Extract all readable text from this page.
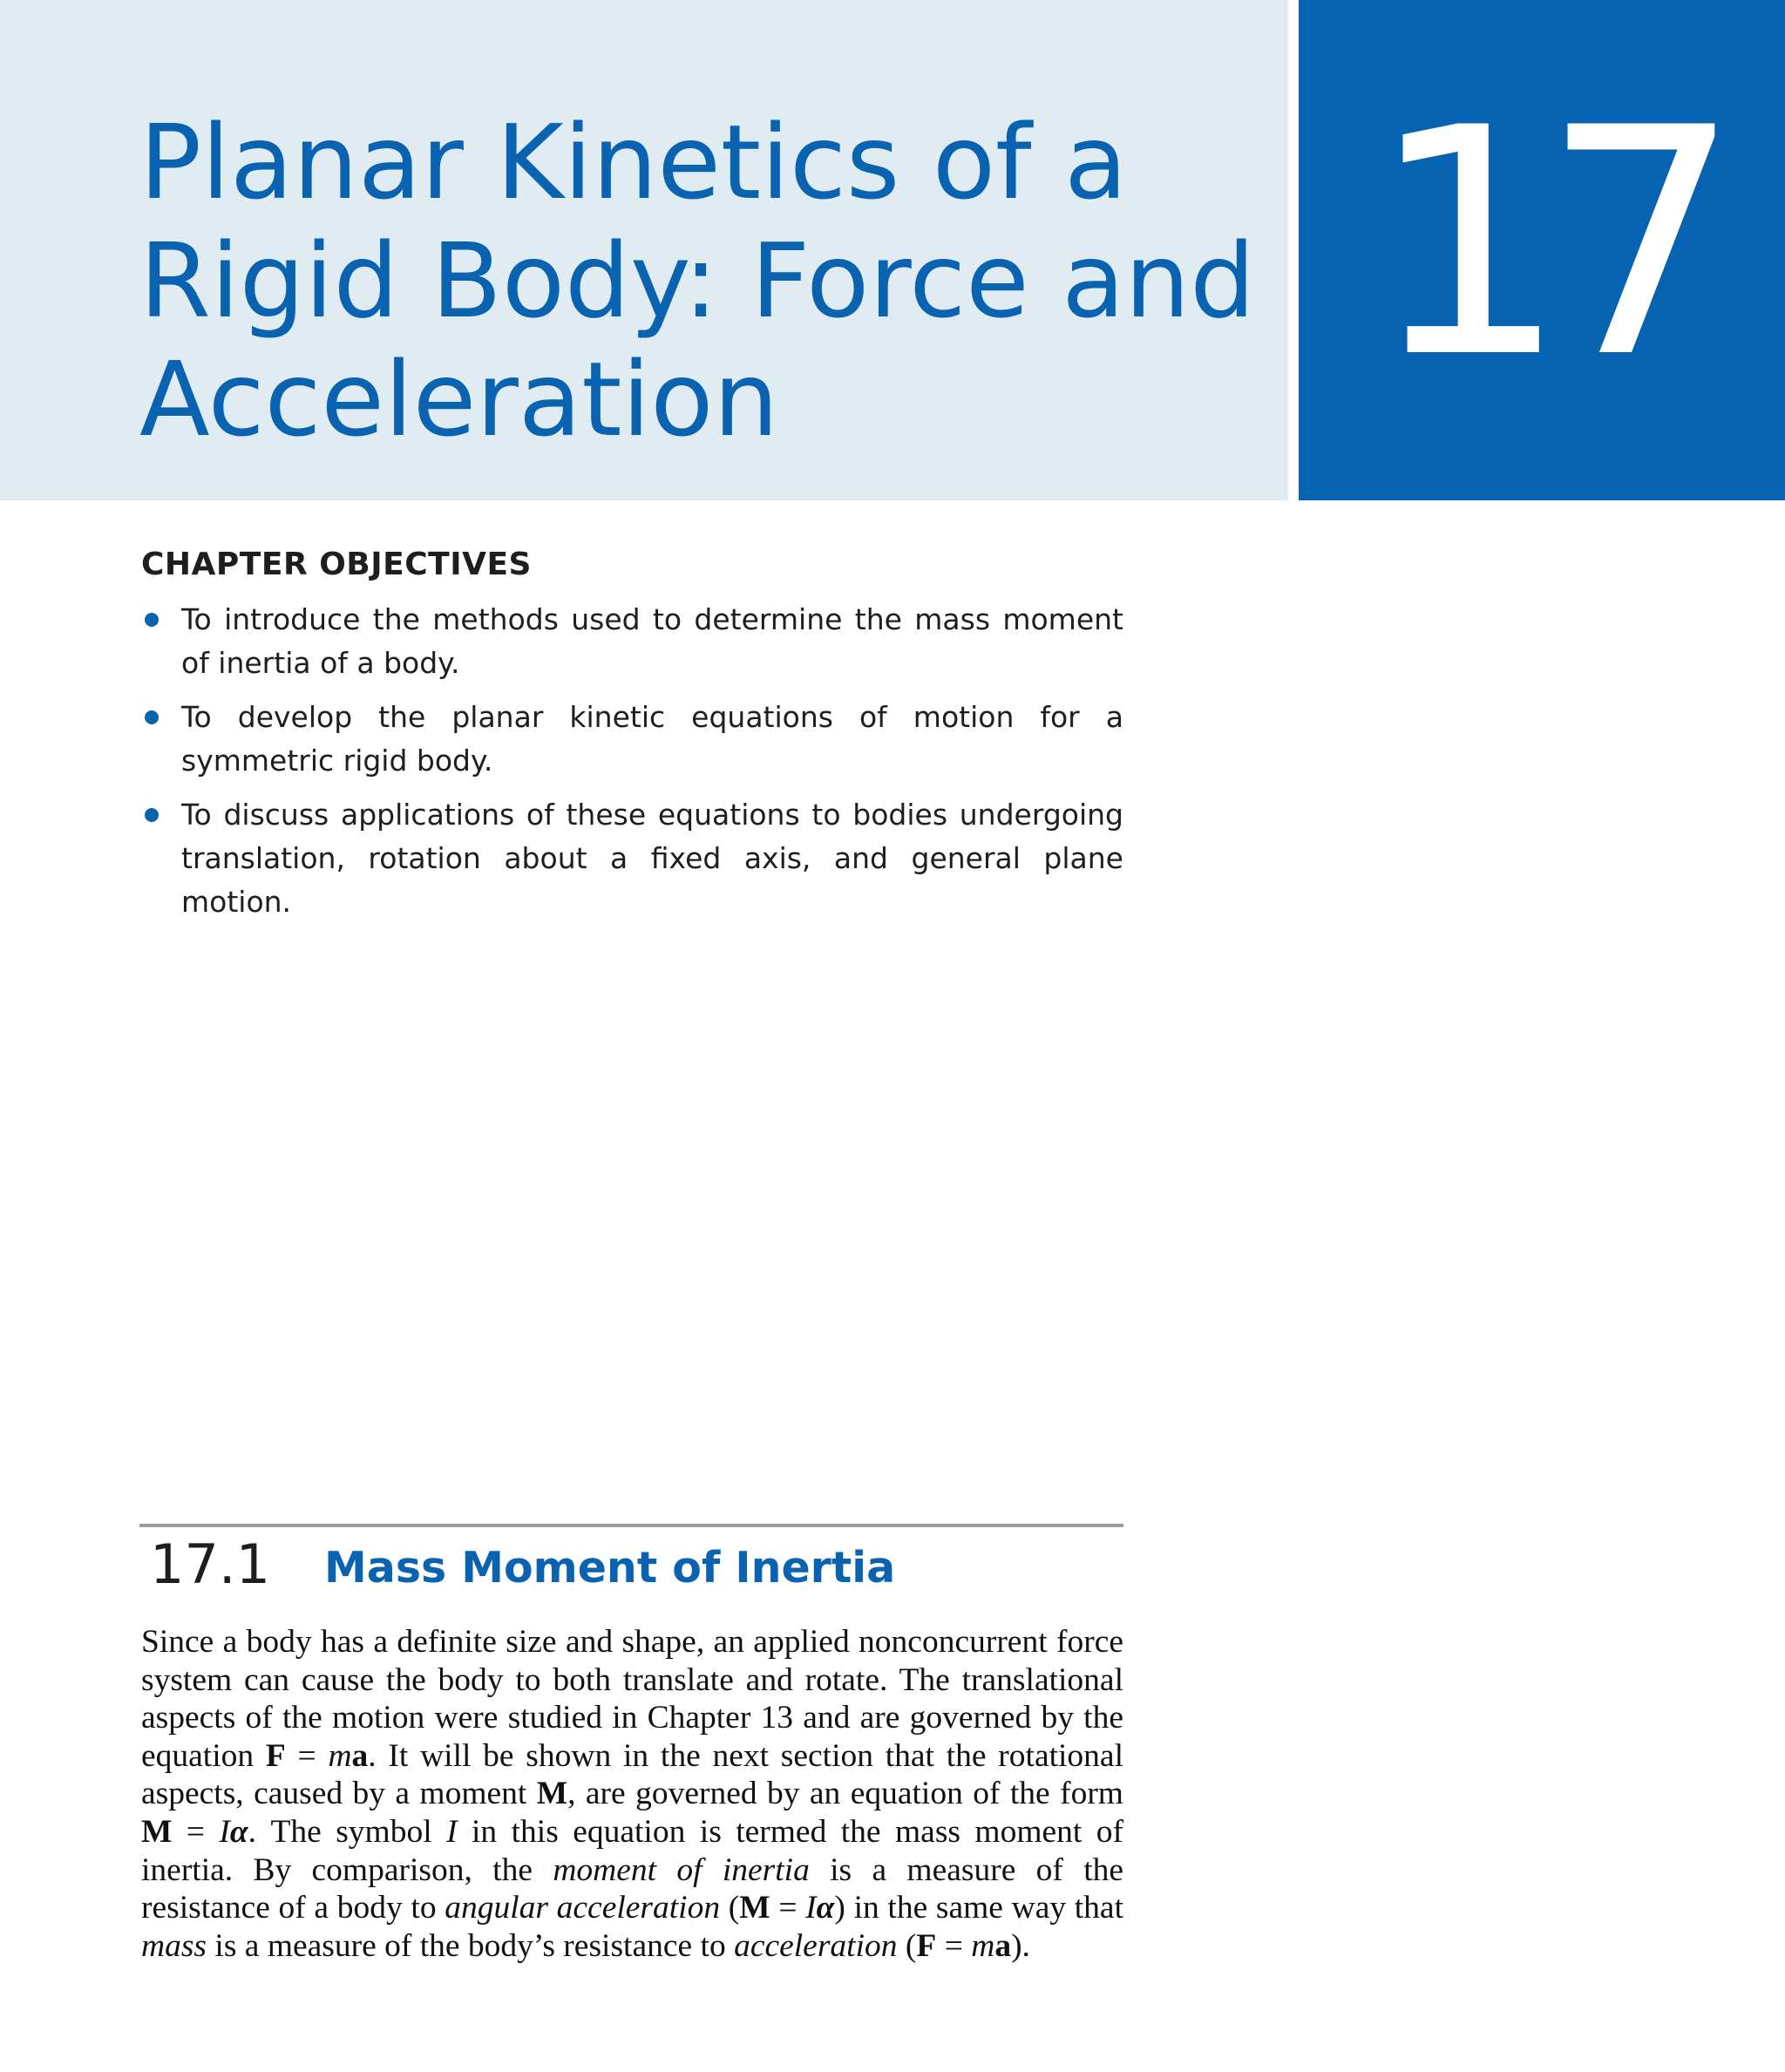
Planar Kinetics of a
Rigid Body: Force and
Acceleration	17
CHAPTER OBJECTIVES
To introduce the methods used to determine the mass moment of inertia of a body.
To develop the planar kinetic equations of motion for a symmetric rigid body.
To discuss applications of these equations to bodies undergoing translation, rotation about a fixed axis, and general plane motion.
17.1 Mass Moment of Inertia

Since a body has a definite size and shape, an applied nonconcurrent force system can cause the body to both translate and rotate. The translational aspects of the motion were studied in Chapter 13 and are governed by the equation F = ma. It will be shown in the next section that the rotational aspects, caused by a moment M, are governed by an equation of the form M = Iα. The symbol I in this equation is termed the mass moment of inertia. By comparison, the moment of inertia is a measure of the resistance of a body to angular acceleration (M = Iα) in the same way that mass is a measure of the body’s resistance to acceleration (F = ma).
